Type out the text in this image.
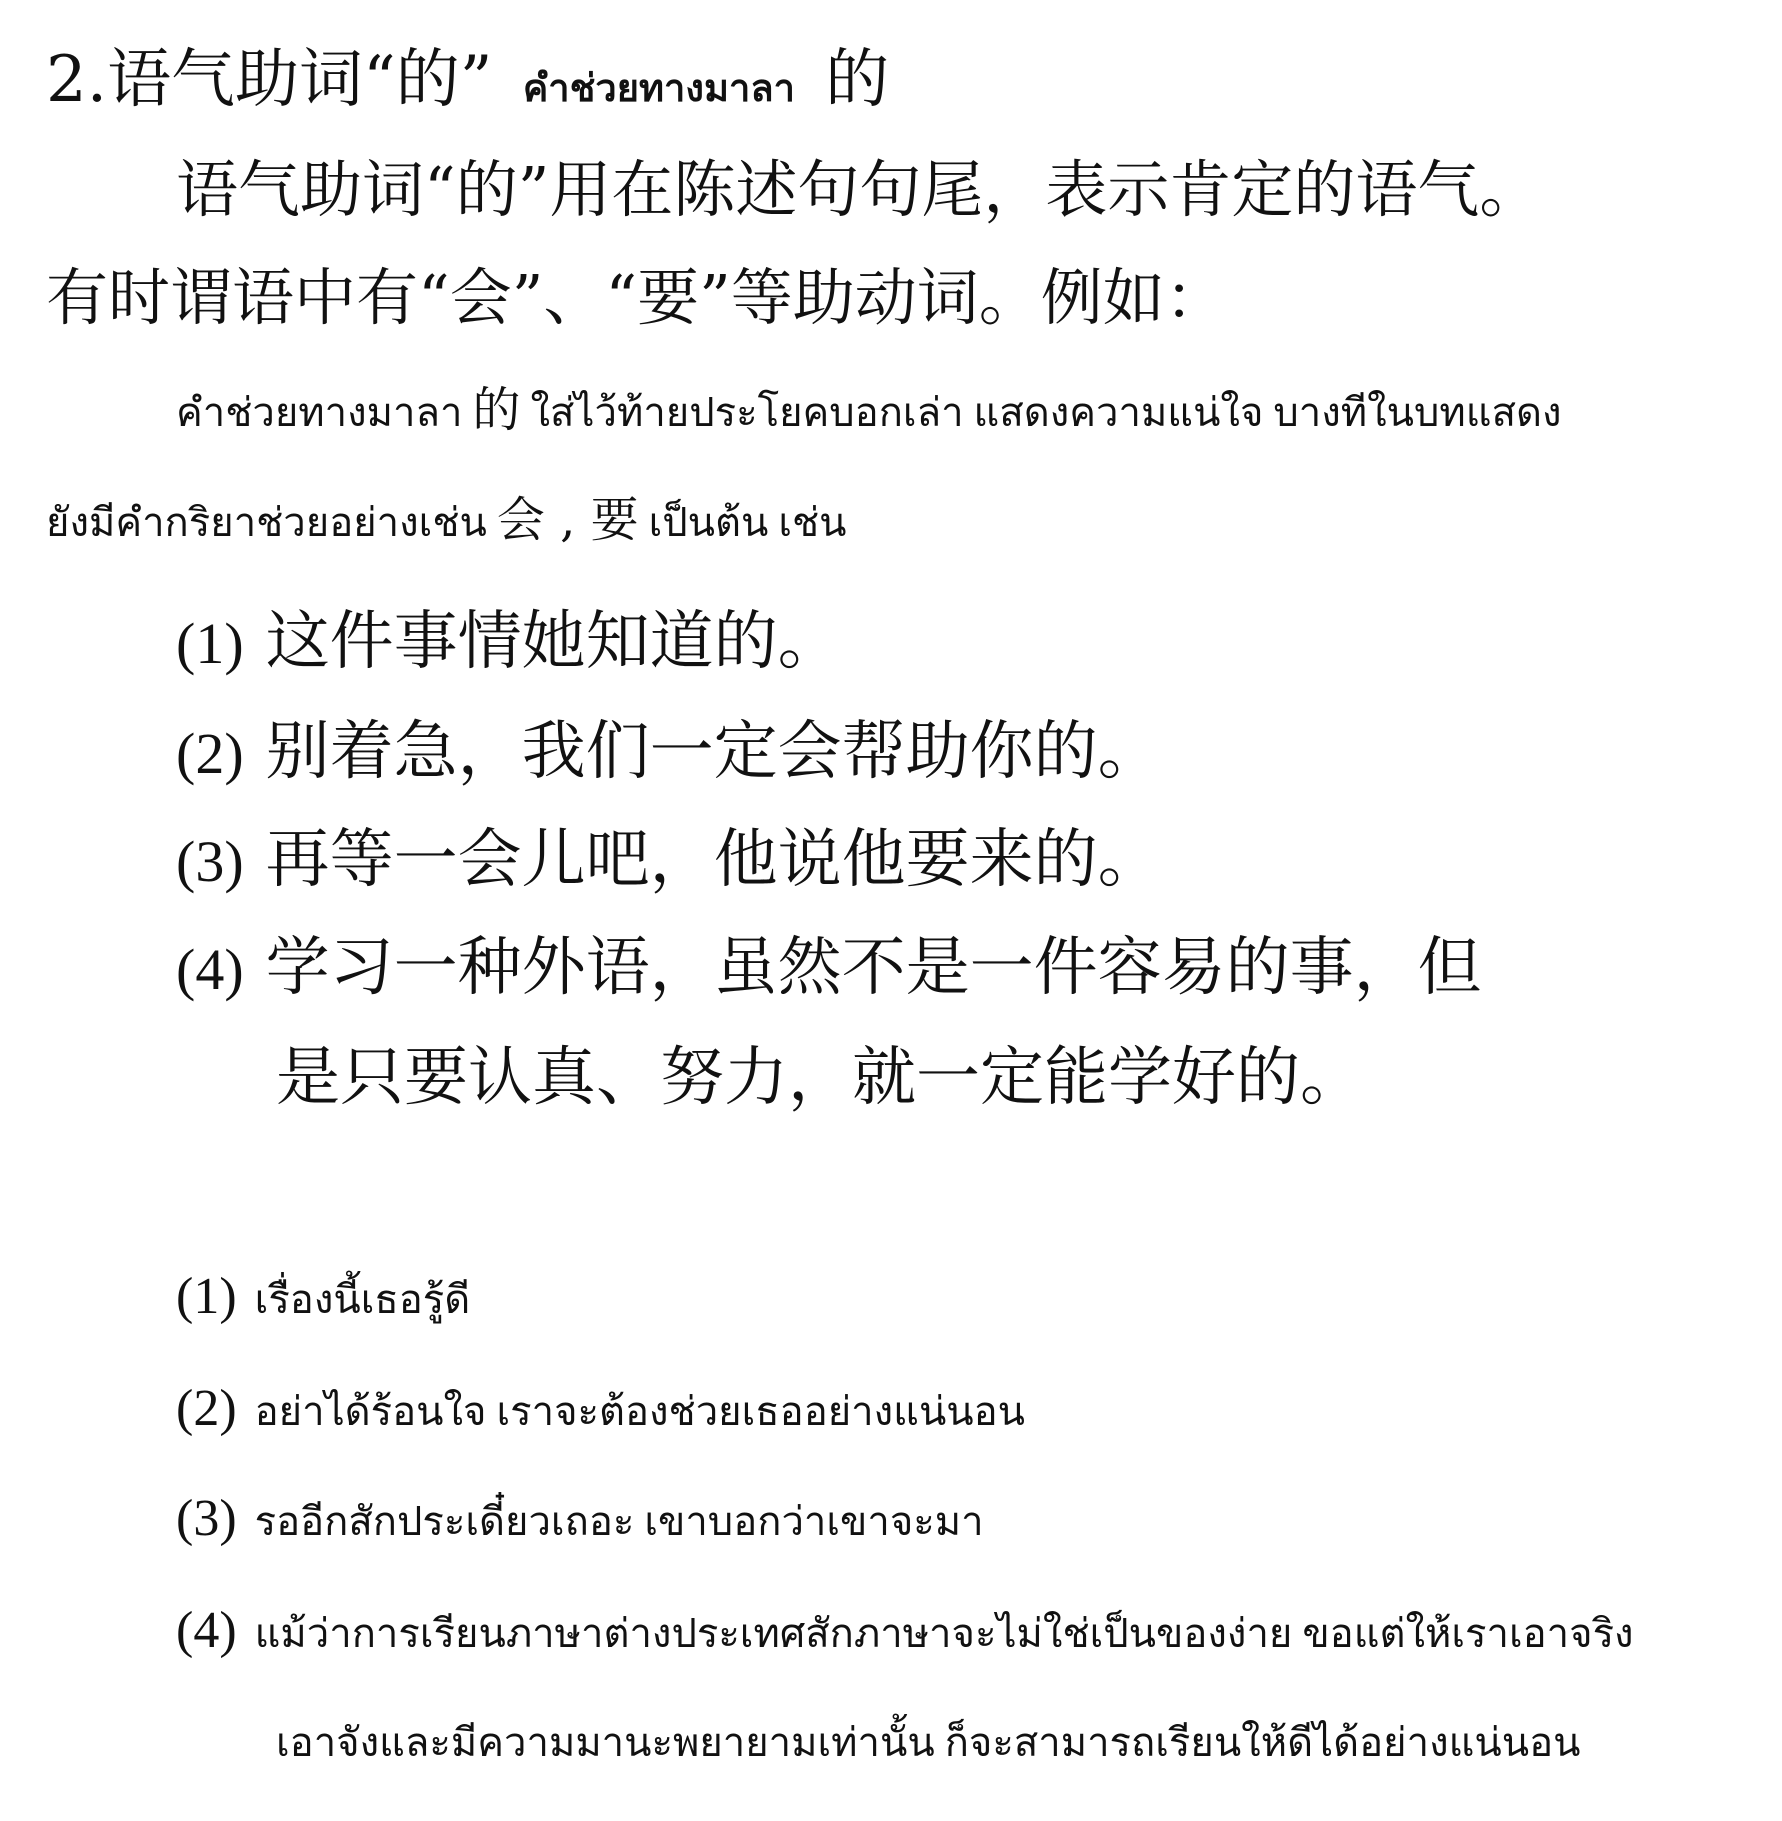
2.语气助词“的” คำช่วยทางมาลา 的
语气助词“的”用在陈述句句尾，表示肯定的语气。
有时谓语中有“会”、“要”等助动词。例如：
คำช่วยทางมาลา 的 ใส่ไว้ท้ายประโยคบอกเล่า แสดงความแน่ใจ บางทีในบทแสดง
ยังมีคำกริยาช่วยอย่างเช่น 会 , 要 เป็นต้น เช่น
(1) 这件事情她知道的。
(2) 别着急，我们一定会帮助你的。
(3) 再等一会儿吧，他说他要来的。
(4) 学习一种外语，虽然不是一件容易的事，但
是只要认真、努力，就一定能学好的。
(1) เรื่องนี้เธอรู้ดี
(2) อย่าได้ร้อนใจ เราจะต้องช่วยเธออย่างแน่นอน
(3) รออีกสักประเดี๋ยวเถอะ เขาบอกว่าเขาจะมา
(4) แม้ว่าการเรียนภาษาต่างประเทศสักภาษาจะไม่ใช่เป็นของง่าย ขอแต่ให้เราเอาจริง
เอาจังและมีความมานะพยายามเท่านั้น ก็จะสามารถเรียนให้ดีได้อย่างแน่นอน
